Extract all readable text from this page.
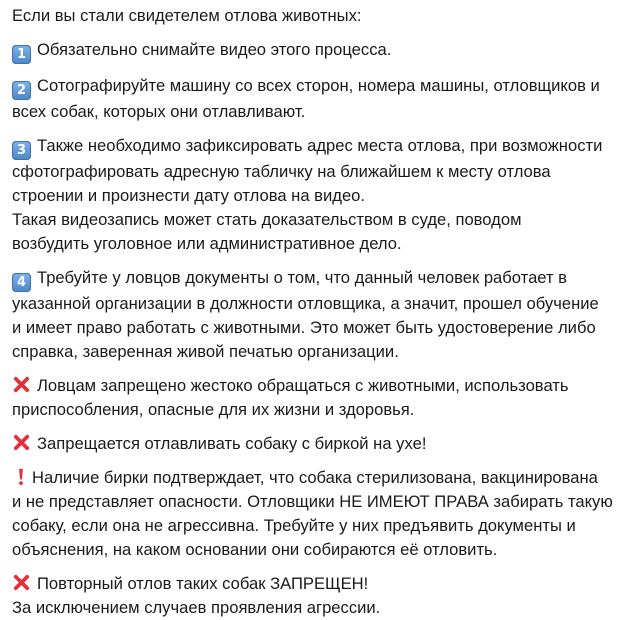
Если вы стали свидетелем отлова животных:

1 Обязательно снимайте видео этого процесса.

2 Сотографируйте машину со всех сторон, номера машины, отловщиков и
всех собак, которых они отлавливают.

3 Также необходимо зафиксировать адрес места отлова, при возможности
сфотографировать адресную табличку на ближайшем к месту отлова
строении и произнести дату отлова на видео.
Такая видеозапись может стать доказательством в суде, поводом
возбудить уголовное или административное дело.

4 Требуйте у ловцов документы о том, что данный человек работает в
указанной организации в должности отловщика, а значит, прошел обучение
и имеет право работать с животными. Это может быть удостоверение либо
справка, заверенная живой печатью организации.

Ловцам запрещено жестоко обращаться с животными, использовать
приспособления, опасные для их жизни и здоровья.

Запрещается отлавливать собаку с биркой на ухе!

Наличие бирки подтверждает, что собака стерилизована, вакцинирована
и не представляет опасности. Отловщики НЕ ИМЕЮТ ПРАВА забирать такую
собаку, если она не агрессивна. Требуйте у них предъявить документы и
объяснения, на каком основании они собираются её отловить.

Повторный отлов таких собак ЗАПРЕЩЕН!
За исключением случаев проявления агрессии.
